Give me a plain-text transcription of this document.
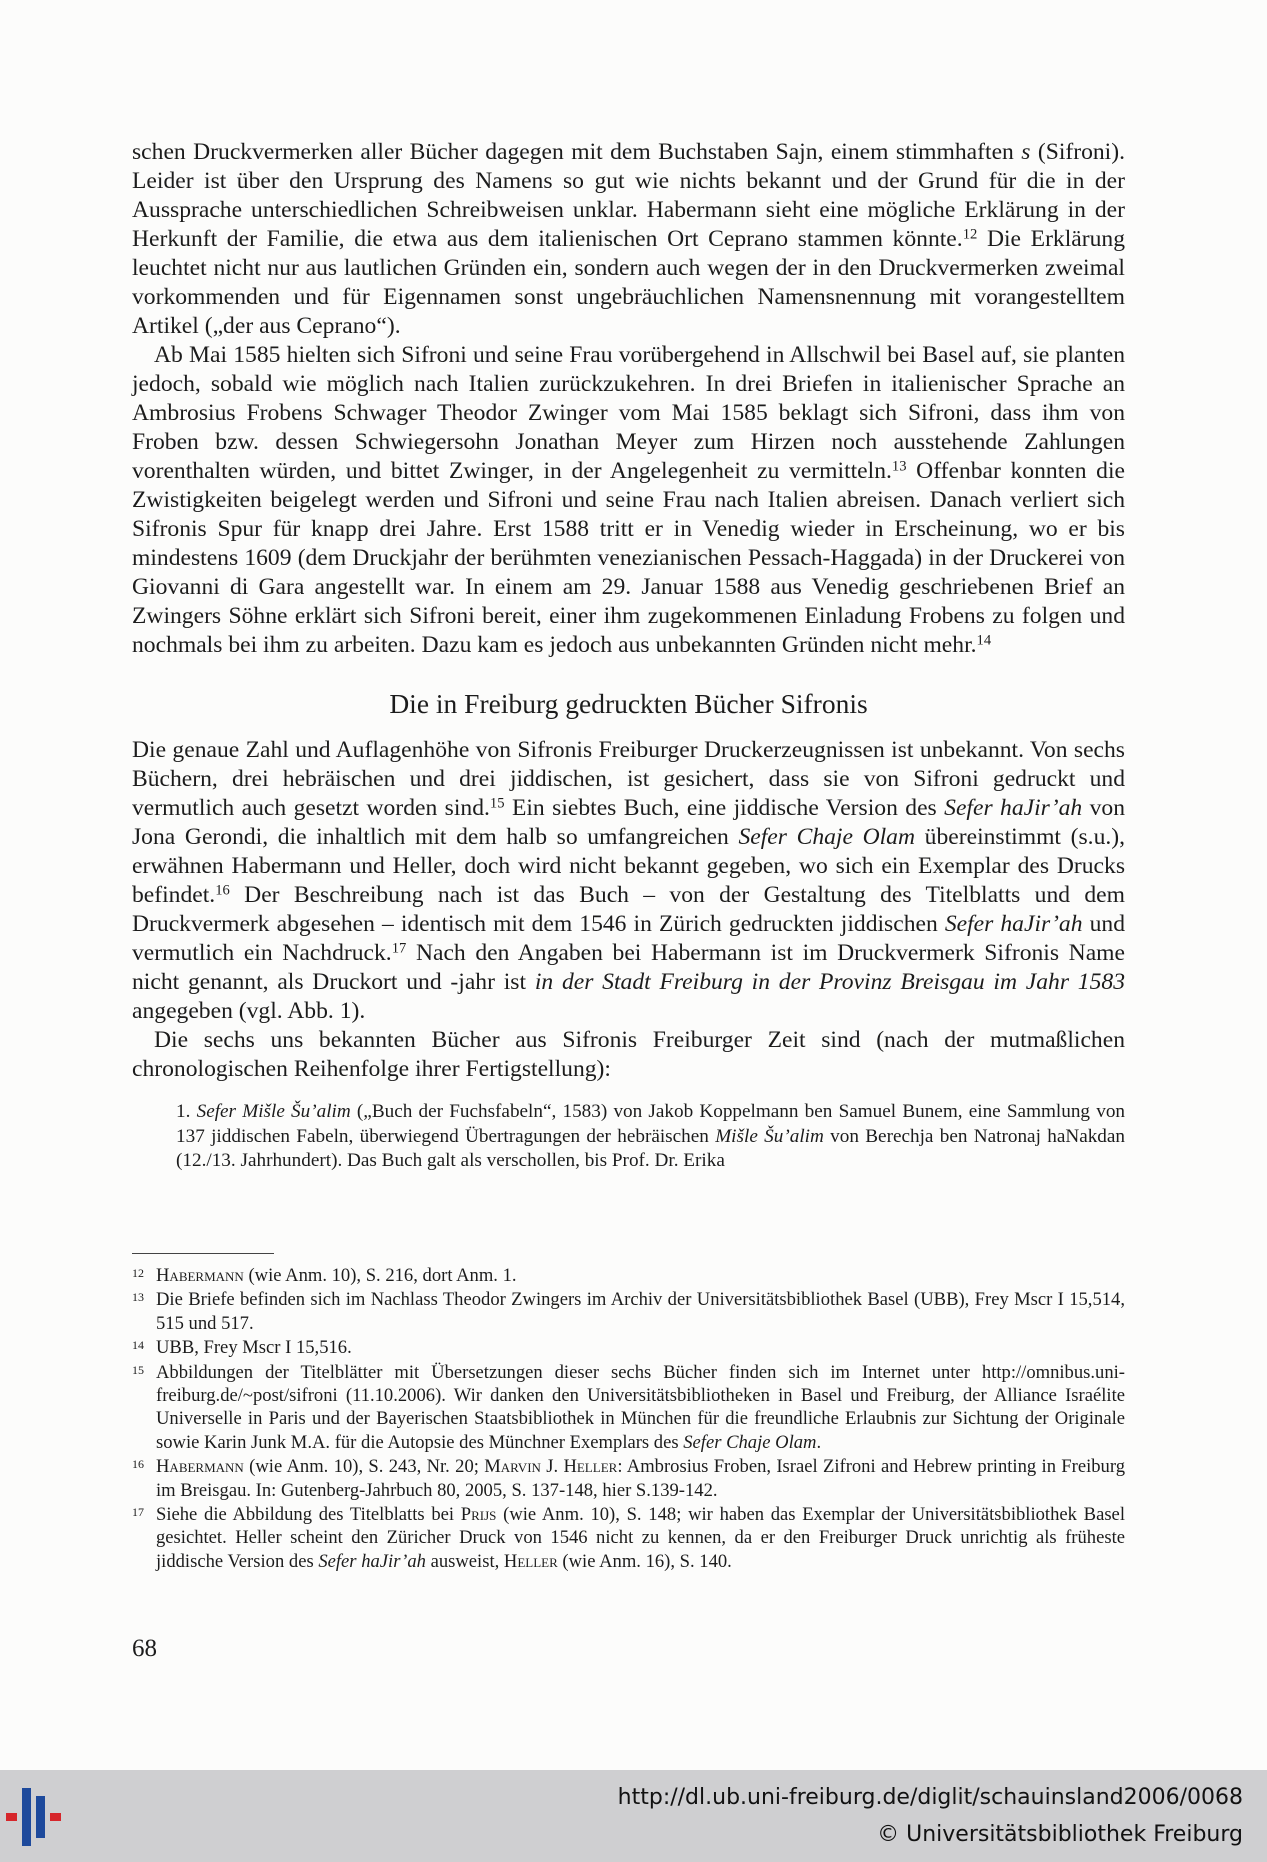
schen Druckvermerken aller Bücher dagegen mit dem Buchstaben Sajn, einem stimmhaften s (Sifroni). Leider ist über den Ursprung des Namens so gut wie nichts bekannt und der Grund für die in der Aussprache unterschiedlichen Schreibweisen unklar. Habermann sieht eine mögliche Erklärung in der Herkunft der Familie, die etwa aus dem italienischen Ort Ceprano stammen könnte.$^{12}$ Die Erklärung leuchtet nicht nur aus lautlichen Gründen ein, sondern auch wegen der in den Druckvermerken zweimal vorkommenden und für Eigennamen sonst ungebräuchlichen Namensnennung mit vorangestelltem Artikel („der aus Ceprano“).

Ab Mai 1585 hielten sich Sifroni und seine Frau vorübergehend in Allschwil bei Basel auf, sie planten jedoch, sobald wie möglich nach Italien zurückzukehren. In drei Briefen in italienischer Sprache an Ambrosius Frobens Schwager Theodor Zwinger vom Mai 1585 beklagt sich Sifroni, dass ihm von Froben bzw. dessen Schwiegersohn Jonathan Meyer zum Hirzen noch ausstehende Zahlungen vorenthalten würden, und bittet Zwinger, in der Angelegenheit zu vermitteln.$^{13}$ Offenbar konnten die Zwistigkeiten beigelegt werden und Sifroni und seine Frau nach Italien abreisen. Danach verliert sich Sifronis Spur für knapp drei Jahre. Erst 1588 tritt er in Venedig wieder in Erscheinung, wo er bis mindestens 1609 (dem Druckjahr der berühmten venezianischen Pessach-Haggada) in der Druckerei von Giovanni di Gara angestellt war. In einem am 29. Januar 1588 aus Venedig geschriebenen Brief an Zwingers Söhne erklärt sich Sifroni bereit, einer ihm zugekommenen Einladung Frobens zu folgen und nochmals bei ihm zu arbeiten. Dazu kam es jedoch aus unbekannten Gründen nicht mehr.$^{14}$

Die in Freiburg gedruckten Bücher Sifronis

Die genaue Zahl und Auflagenhöhe von Sifronis Freiburger Druckerzeugnissen ist unbekannt. Von sechs Büchern, drei hebräischen und drei jiddischen, ist gesichert, dass sie von Sifroni gedruckt und vermutlich auch gesetzt worden sind.$^{15}$ Ein siebtes Buch, eine jiddische Version des Sefer haJir’ah von Jona Gerondi, die inhaltlich mit dem halb so umfangreichen Sefer Chaje Olam übereinstimmt (s.u.), erwähnen Habermann und Heller, doch wird nicht bekannt gegeben, wo sich ein Exemplar des Drucks befindet.$^{16}$ Der Beschreibung nach ist das Buch – von der Gestaltung des Titelblatts und dem Druckvermerk abgesehen – identisch mit dem 1546 in Zürich gedruckten jiddischen Sefer haJir’ah und vermutlich ein Nachdruck.$^{17}$ Nach den Angaben bei Habermann ist im Druckvermerk Sifronis Name nicht genannt, als Druckort und -jahr ist in der Stadt Freiburg in der Provinz Breisgau im Jahr 1583 angegeben (vgl. Abb. 1).

Die sechs uns bekannten Bücher aus Sifronis Freiburger Zeit sind (nach der mutmaßlichen chronologischen Reihenfolge ihrer Fertigstellung):

1. Sefer Mišle Šu’alim („Buch der Fuchsfabeln“, 1583) von Jakob Koppelmann ben Samuel Bunem, eine Sammlung von 137 jiddischen Fabeln, überwiegend Übertragungen der hebräischen Mišle Šu’alim von Berechja ben Natronaj haNakdan (12./13. Jahrhundert). Das Buch galt als verschollen, bis Prof. Dr. Erika

12 Habermann (wie Anm. 10), S. 216, dort Anm. 1.
13 Die Briefe befinden sich im Nachlass Theodor Zwingers im Archiv der Universitätsbibliothek Basel (UBB), Frey Mscr I 15,514, 515 und 517.
14 UBB, Frey Mscr I 15,516.
15 Abbildungen der Titelblätter mit Übersetzungen dieser sechs Bücher finden sich im Internet unter http://omnibus.uni-freiburg.de/~post/sifroni (11.10.2006). Wir danken den Universitätsbibliotheken in Basel und Freiburg, der Alliance Israélite Universelle in Paris und der Bayerischen Staatsbibliothek in München für die freundliche Erlaubnis zur Sichtung der Originale sowie Karin Junk M.A. für die Autopsie des Münchner Exemplars des Sefer Chaje Olam.
16 Habermann (wie Anm. 10), S. 243, Nr. 20; Marvin J. Heller: Ambrosius Froben, Israel Zifroni and Hebrew printing in Freiburg im Breisgau. In: Gutenberg-Jahrbuch 80, 2005, S. 137-148, hier S.139-142.
17 Siehe die Abbildung des Titelblatts bei Prijs (wie Anm. 10), S. 148; wir haben das Exemplar der Universitätsbibliothek Basel gesichtet. Heller scheint den Züricher Druck von 1546 nicht zu kennen, da er den Freiburger Druck unrichtig als früheste jiddische Version des Sefer haJir’ah ausweist, Heller (wie Anm. 16), S. 140.
68
http://dl.ub.uni-freiburg.de/diglit/schauinsland2006/0068
© Universitätsbibliothek Freiburg
